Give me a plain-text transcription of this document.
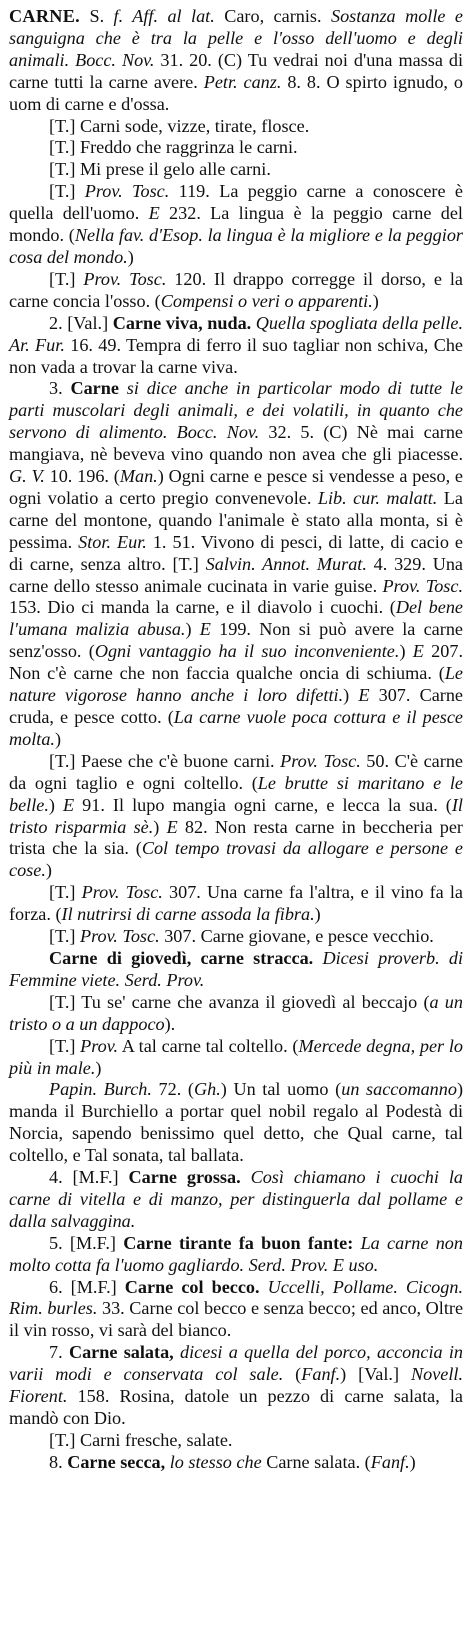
CARNE. S. f. Aff. al lat. Caro, carnis. Sostanza molle e sanguigna che è tra la pelle e l'osso dell'uomo e degli animali. Bocc. Nov. 31. 20. (C) Tu vedrai noi d'una massa di carne tutti la carne avere. Petr. canz. 8. 8. O spirto ignudo, o uom di carne e d'ossa.

[T.] Carni sode, vizze, tirate, flosce.

[T.] Freddo che raggrinza le carni.

[T.] Mi prese il gelo alle carni.

[T.] Prov. Tosc. 119. La peggio carne a conoscere è quella dell'uomo. E 232. La lingua è la peggio carne del mondo. (Nella fav. d'Esop. la lingua è la migliore e la peggior cosa del mondo.)

[T.] Prov. Tosc. 120. Il drappo corregge il dorso, e la carne concia l'osso. (Compensi o veri o apparenti.)

2. [Val.] Carne viva, nuda. Quella spogliata della pelle. Ar. Fur. 16. 49. Tempra di ferro il suo tagliar non schiva, Che non vada a trovar la carne viva.

3. Carne si dice anche in particolar modo di tutte le parti muscolari degli animali, e dei volatili, in quanto che servono di alimento. Bocc. Nov. 32. 5. (C) Nè mai carne mangiava, nè beveva vino quando non avea che gli piacesse. G. V. 10. 196. (Man.) Ogni carne e pesce si vendesse a peso, e ogni volatio a certo pregio convenevole. Lib. cur. malatt. La carne del montone, quando l'animale è stato alla monta, si è pessima. Stor. Eur. 1. 51. Vivono di pesci, di latte, di cacio e di carne, senza altro. [T.] Salvin. Annot. Murat. 4. 329. Una carne dello stesso animale cucinata in varie guise. Prov. Tosc. 153. Dio ci manda la carne, e il diavolo i cuochi. (Del bene l'umana malizia abusa.) E 199. Non si può avere la carne senz'osso. (Ogni vantaggio ha il suo inconveniente.) E 207. Non c'è carne che non faccia qualche oncia di schiuma. (Le nature vigorose hanno anche i loro difetti.) E 307. Carne cruda, e pesce cotto. (La carne vuole poca cottura e il pesce molta.)

[T.] Paese che c'è buone carni. Prov. Tosc. 50. C'è carne da ogni taglio e ogni coltello. (Le brutte si maritano e le belle.) E 91. Il lupo mangia ogni carne, e lecca la sua. (Il tristo risparmia sè.) E 82. Non resta carne in beccheria per trista che la sia. (Col tempo trovasi da allogare e persone e cose.)

[T.] Prov. Tosc. 307. Una carne fa l'altra, e il vino fa la forza. (Il nutrirsi di carne assoda la fibra.)

[T.] Prov. Tosc. 307. Carne giovane, e pesce vecchio.

Carne di giovedì, carne stracca. Dicesi proverb. di Femmine viete. Serd. Prov.

[T.] Tu se' carne che avanza il giovedì al beccajo (a un tristo o a un dappoco).

[T.] Prov. A tal carne tal coltello. (Mercede degna, per lo più in male.)

Papin. Burch. 72. (Gh.) Un tal uomo (un saccomanno) manda il Burchiello a portar quel nobil regalo al Podestà di Norcia, sapendo benissimo quel detto, che Qual carne, tal coltello, e Tal sonata, tal ballata.

4. [M.F.] Carne grossa. Così chiamano i cuochi la carne di vitella e di manzo, per distinguerla dal pollame e dalla salvaggina.

5. [M.F.] Carne tirante fa buon fante: La carne non molto cotta fa l'uomo gagliardo. Serd. Prov. E uso.

6. [M.F.] Carne col becco. Uccelli, Pollame. Cicogn. Rim. burles. 33. Carne col becco e senza becco; ed anco, Oltre il vin rosso, vi sarà del bianco.

7. Carne salata, dicesi a quella del porco, acconcia in varii modi e conservata col sale. (Fanf.) [Val.] Novell. Fiorent. 158. Rosina, datole un pezzo di carne salata, la mandò con Dio.

[T.] Carni fresche, salate.

8. Carne secca, lo stesso che Carne salata. (Fanf.)
